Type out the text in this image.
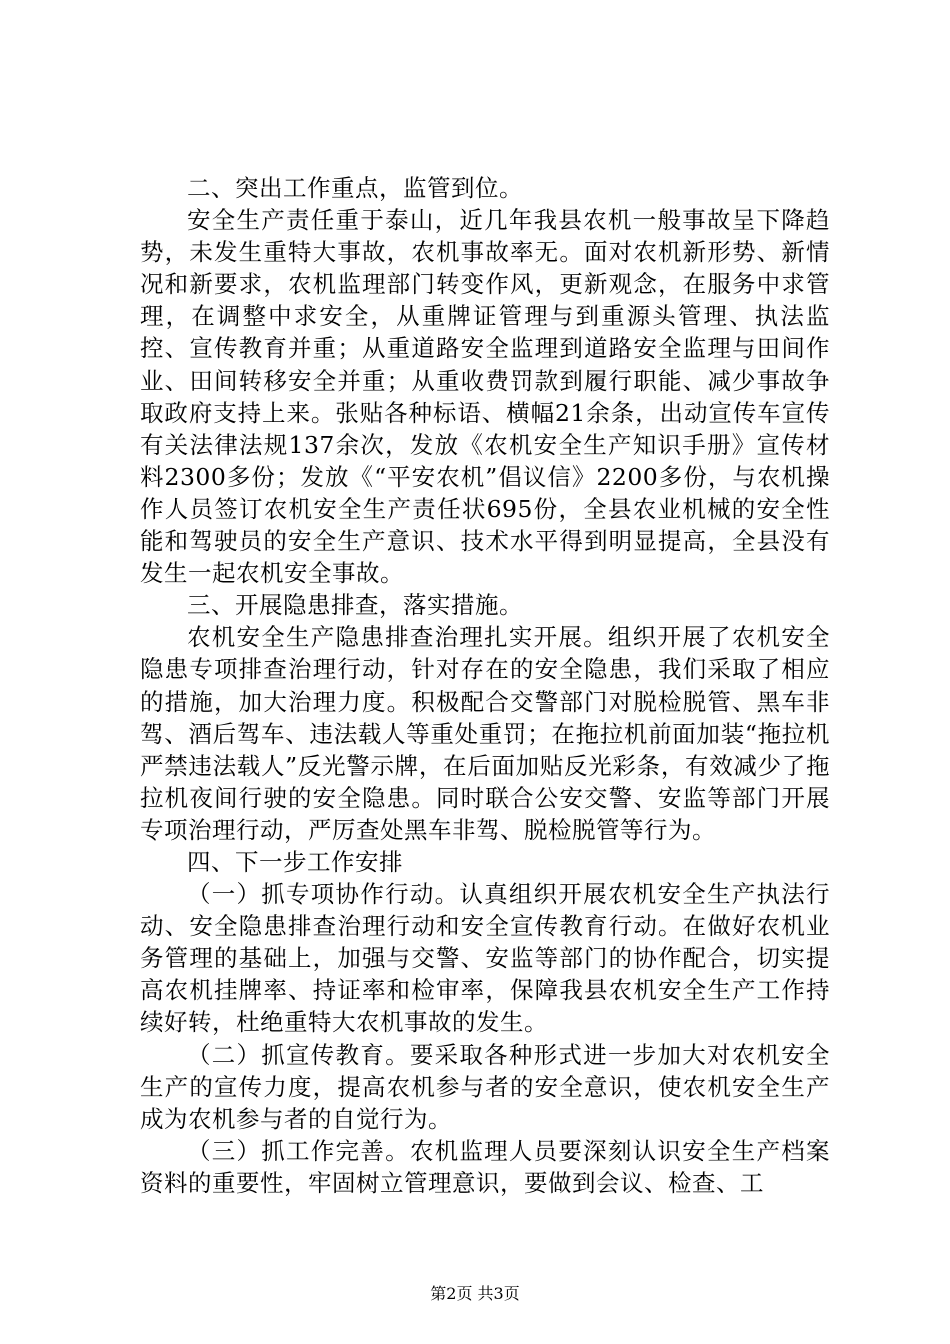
二、突出工作重点，监管到位。

安全生产责任重于泰山，近几年我县农机一般事故呈下降趋势，未发生重特大事故，农机事故率无。面对农机新形势、新情况和新要求，农机监理部门转变作风，更新观念，在服务中求管理，在调整中求安全，从重牌证管理与到重源头管理、执法监控、宣传教育并重；从重道路安全监理到道路安全监理与田间作业、田间转移安全并重；从重收费罚款到履行职能、减少事故争取政府支持上来。张贴各种标语、横幅21余条，出动宣传车宣传有关法律法规137余次，发放《农机安全生产知识手册》宣传材料2300多份；发放《“平安农机”倡议信》2200多份，与农机操作人员签订农机安全生产责任状695份，全县农业机械的安全性能和驾驶员的安全生产意识、技术水平得到明显提高，全县没有发生一起农机安全事故。

三、开展隐患排查，落实措施。

农机安全生产隐患排查治理扎实开展。组织开展了农机安全隐患专项排查治理行动，针对存在的安全隐患，我们采取了相应的措施，加大治理力度。积极配合交警部门对脱检脱管、黑车非驾、酒后驾车、违法载人等重处重罚；在拖拉机前面加装“拖拉机严禁违法载人”反光警示牌，在后面加贴反光彩条，有效减少了拖拉机夜间行驶的安全隐患。同时联合公安交警、安监等部门开展专项治理行动，严厉查处黑车非驾、脱检脱管等行为。

四、下一步工作安排

（一）抓专项协作行动。认真组织开展农机安全生产执法行动、安全隐患排查治理行动和安全宣传教育行动。在做好农机业务管理的基础上，加强与交警、安监等部门的协作配合，切实提高农机挂牌率、持证率和检审率，保障我县农机安全生产工作持续好转，杜绝重特大农机事故的发生。

（二）抓宣传教育。要采取各种形式进一步加大对农机安全生产的宣传力度，提高农机参与者的安全意识，使农机安全生产成为农机参与者的自觉行为。

（三）抓工作完善。农机监理人员要深刻认识安全生产档案资料的重要性，牢固树立管理意识，要做到会议、检查、工

第2页 共3页
